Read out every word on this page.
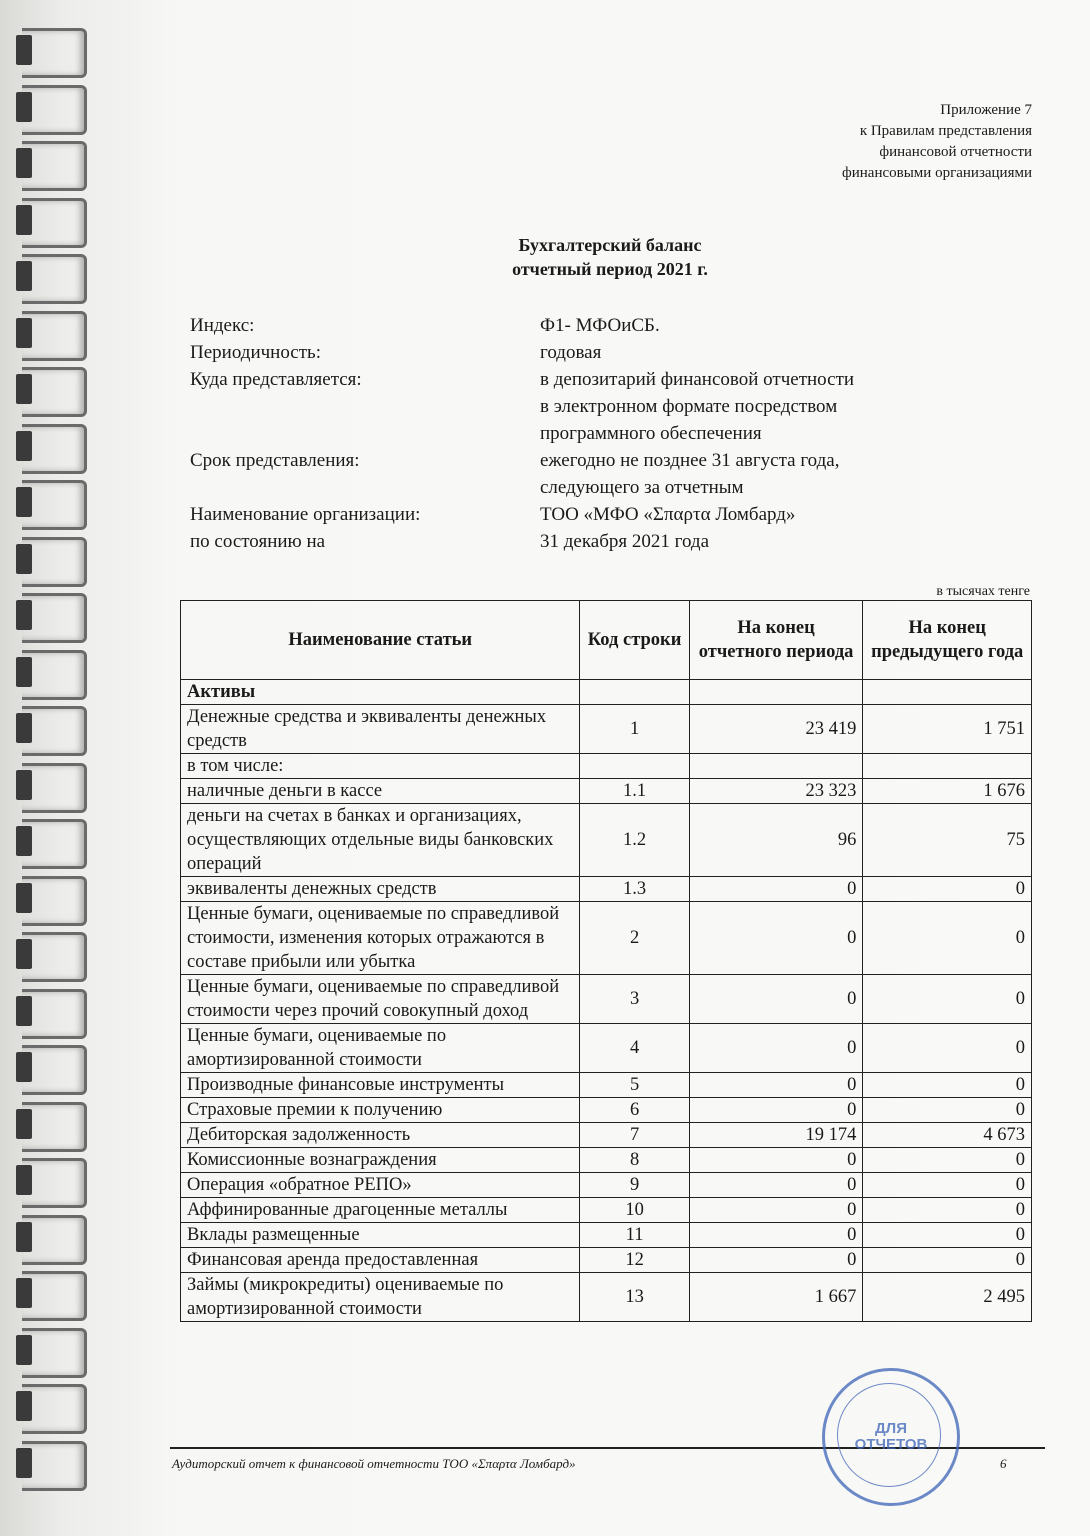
Приложение 7
к Правилам представления
финансовой отчетности
финансовыми организациями
Бухгалтерский баланс
отчетный период 2021 г.
Индекс:	Ф1- МФОиСБ.
Периодичность:	годовая
Куда представляется:	в депозитарий финансовой отчетности
в электронном формате посредством
программного обеспечения
Срок представления:	ежегодно не позднее 31 августа года,
следующего за отчетным
Наименование организации:	ТОО «МФО «Σπαρτα Ломбард»
по состоянию на	31 декабря 2021 года
в тысячах тенге
Наименование статьи	Код строки	На конец отчетного периода	На конец предыдущего года
Активы			
Денежные средства и эквиваленты денежных средств	1	23 419	1 751
в том числе:			
наличные деньги в кассе	1.1	23 323	1 676
деньги на счетах в банках и организациях, осуществляющих отдельные виды банковских операций	1.2	96	75
эквиваленты денежных средств	1.3	0	0
Ценные бумаги, оцениваемые по справедливой стоимости, изменения которых отражаются в составе прибыли или убытка	2	0	0
Ценные бумаги, оцениваемые по справедливой стоимости через прочий совокупный доход	3	0	0
Ценные бумаги, оцениваемые по амортизированной стоимости	4	0	0
Производные финансовые инструменты	5	0	0
Страховые премии к получению	6	0	0
Дебиторская задолженность	7	19 174	4 673
Комиссионные вознаграждения	8	0	0
Операция «обратное РЕПО»	9	0	0
Аффинированные драгоценные металлы	10	0	0
Вклады размещенные	11	0	0
Финансовая аренда предоставленная	12	0	0
Займы (микрокредиты) оцениваемые по амортизированной стоимости	13	1 667	2 495
Аудиторский отчет к финансовой отчетности ТОО «Σπαρτα Ломбард»	6
ДЛЯ
ОТЧЕТОВ
